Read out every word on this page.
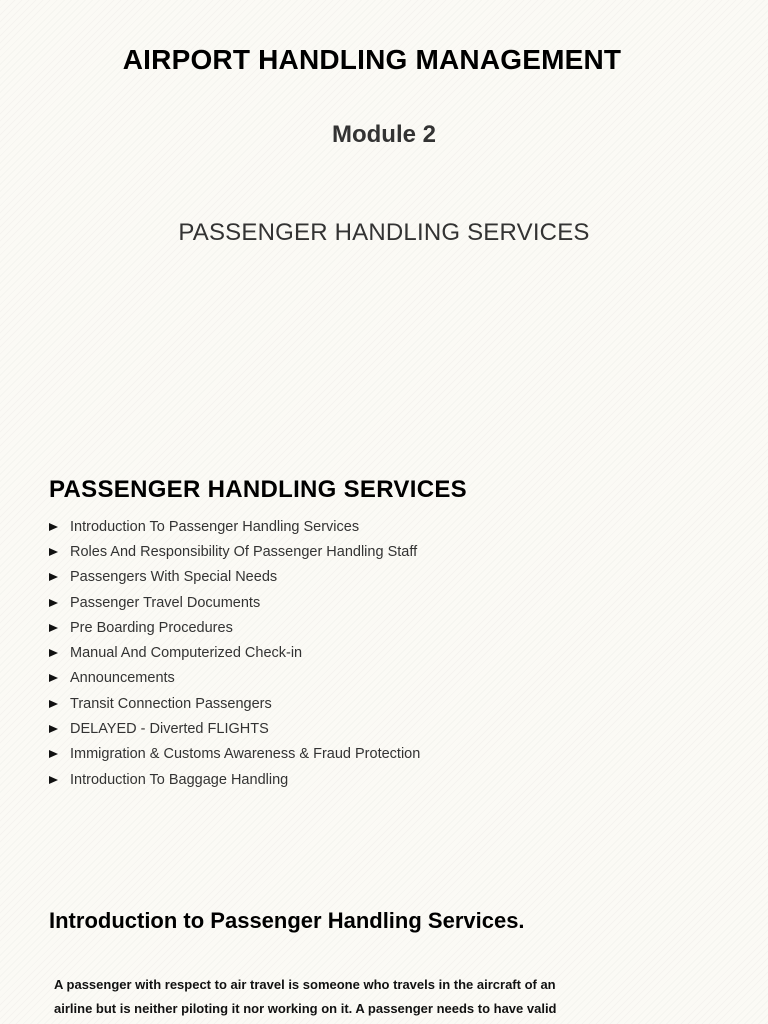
AIRPORT HANDLING MANAGEMENT
Module 2
PASSENGER HANDLING SERVICES
PASSENGER HANDLING SERVICES
Introduction To Passenger Handling Services
Roles And Responsibility Of Passenger Handling Staff
Passengers With Special Needs
Passenger Travel Documents
Pre Boarding Procedures
Manual And Computerized Check-in
Announcements
Transit Connection Passengers
DELAYED - Diverted FLIGHTS
Immigration & Customs Awareness & Fraud Protection
Introduction To Baggage Handling
Introduction to Passenger Handling Services.
A passenger with respect to air travel is someone who travels in the aircraft of an
airline but is neither piloting it nor working on it. A passenger needs to have valid
